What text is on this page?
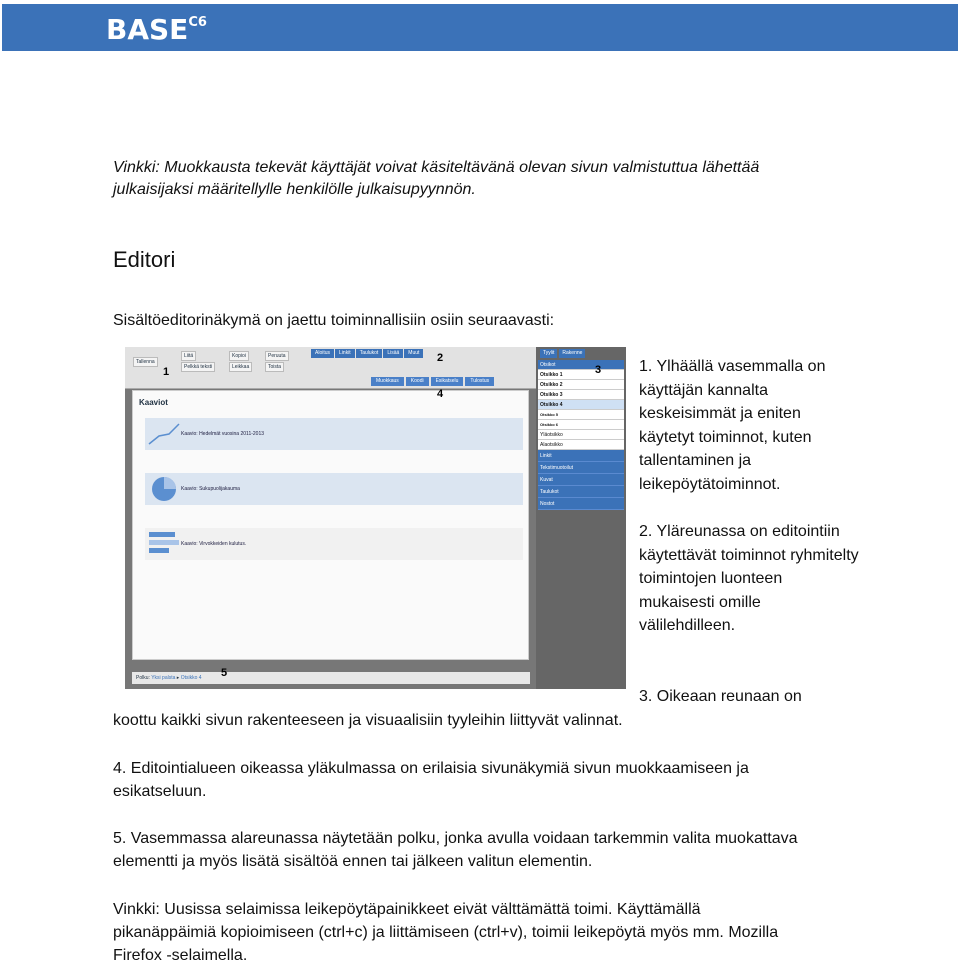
$BASE^{C6}$
Vinkki: Muokkausta tekevät käyttäjät voivat käsiteltävänä olevan sivun valmistuttua lähettää
julkaisijaksi määritellylle henkilölle julkaisupyynnön.
Editori
Sisältöeditorinäkymä on jaettu toiminnallisiin osiin seuraavasti:
Aloitus	Linkit	Taulukot	Lisää	Muut
Tallenna
Liitä
Pelkkä teksti
Kopioi
Leikkaa
Peruuta
Toista
Muokkaus	Koodi	Esikatselu	Tulostus
Kaaviot
Kaavio: Hedelmät vuosina 2011-2013
Kaavio: Sukupuolijakauma
Kaavio: Virvokkeiden kulutus.
Tyylit	Rakenne
Otsikot
Otsikko 1
Otsikko 2
Otsikko 3
Otsikko 4
Otsikko 5
Otsikko 6
Yläotsikko
Alaotsikko
Linkit
Tekstimuotoilut
Kuvat
Taulukot
Nostot
Polku: Yksi palsta ▸ Otsikko 4
1
2
3
4
5
1. Ylhäällä vasemmalla on käyttäjän kannalta keskeisimmät ja eniten käytetyt toiminnot, kuten tallentaminen ja leikepöytätoiminnot.
2. Yläreunassa on editointiin käytettävät toiminnot ryhmitelty toimintojen luonteen mukaisesti omille välilehdilleen.
3. Oikeaan reunaan on
koottu kaikki sivun rakenteeseen ja visuaalisiin tyyleihin liittyvät valinnat.
4. Editointialueen oikeassa yläkulmassa on erilaisia sivunäkymiä sivun muokkaamiseen ja
esikatseluun.
5. Vasemmassa alareunassa näytetään polku, jonka avulla voidaan tarkemmin valita muokattava
elementti ja myös lisätä sisältöä ennen tai jälkeen valitun elementin.
Vinkki: Uusissa selaimissa leikepöytäpainikkeet eivät välttämättä toimi. Käyttämällä
pikanäppäimiä kopioimiseen (ctrl+c) ja liittämiseen (ctrl+v), toimii leikepöytä myös mm. Mozilla
Firefox -selaimella.
